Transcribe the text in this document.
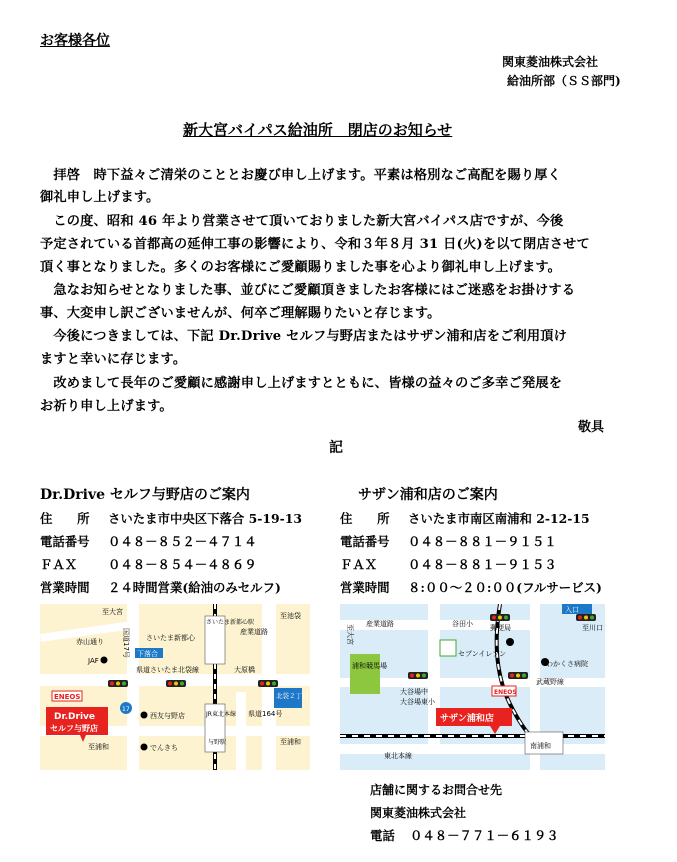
お客様各位
関東菱油株式会社
給油所部（ＳＳ部門)
新大宮バイパス給油所　閉店のお知らせ
　拝啓　時下益々ご清栄のこととお慶び申し上げます。平素は格別なご高配を賜り厚く
御礼申し上げます。
　この度、昭和 46 年より営業させて頂いておりました新大宮バイパス店ですが、今後
予定されている首都高の延伸工事の影響により、令和３年８月 31 日(火)を以て閉店させて
頂く事となりました。多くのお客様にご愛顧賜りました事を心より御礼申し上げます。
　急なお知らせとなりました事、並びにご愛顧頂きましたお客様にはご迷惑をお掛けする
事、大変申し訳ございませんが、何卒ご理解賜りたいと存じます。
　今後につきましては、下記 Dr.Drive セルフ与野店またはサザン浦和店をご利用頂け
ますと幸いに存じます。
　改めまして長年のご愛顧に感謝申し上げますとともに、皆様の益々のご多幸ご発展を
お祈り申し上げます。
敬具
記
Dr.Drive セルフ与野店のご案内
住　　所 さいたま市中央区下落合 5-19-13
電話番号 ０４８－８５２－４７１４
ＦＡＸ ０４８－８５４－４８６９
営業時間 ２４時間営業(給油のみセルフ)
サザン浦和店のご案内
住　　所 さいたま市南区南浦和 2-12-15
電話番号 ０４８－８８１－９１５１
ＦＡＸ ０４８－８８１－９１５３
営業時間 ８:００～２０:００(フルサービス)
至大宮
赤山通り
JAF
国道17号 さいたま新都心
下落合
さいたま新都心駅
産業道路
至池袋
県道さいたま北袋線	大原橋
北袋２丁目
ENEOS
Dr.Drive
セルフ与野店
西友与野店	JR東北本線
与野駅
県道164号
至浦和
至浦和	でんきち
17
至大宮 産業道路	谷田小 郵便局
入口
至川口
浦和競馬場
セブンイレブン
わかくさ病院
大谷場中
大谷場東小
ENEOS
サザン浦和店
武蔵野線
東北本線
南浦和
店舗に関するお問合せ先
関東菱油株式会社
電話 ０４８－７７１－６１９３
